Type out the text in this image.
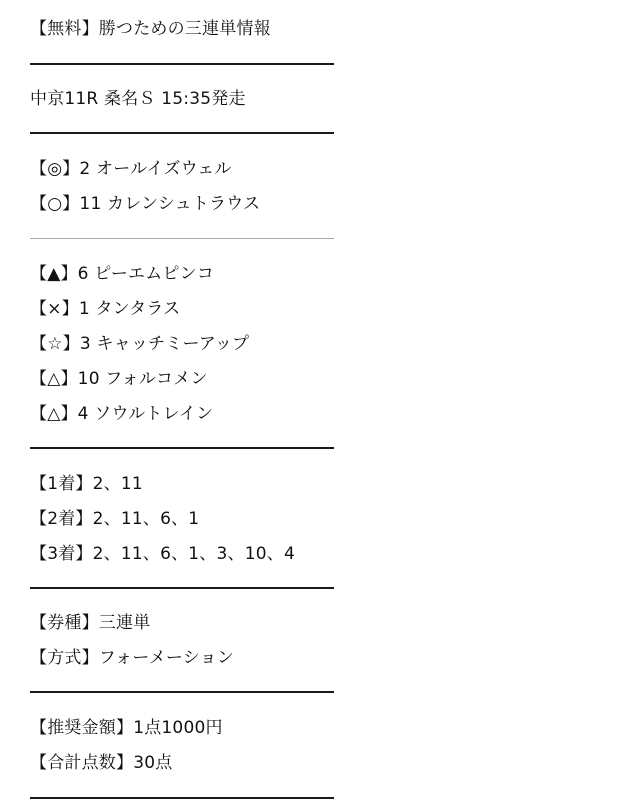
【無料】勝つための三連単情報
中京11R 桑名Ｓ 15:35発走
【◎】2 オールイズウェル
【○】11 カレンシュトラウス
【▲】6 ピーエムピンコ
【×】1 タンタラス
【☆】3 キャッチミーアップ
【△】10 フォルコメン
【△】4 ソウルトレイン
【1着】2、11
【2着】2、11、6、1
【3着】2、11、6、1、3、10、4
【券種】三連単
【方式】フォーメーション
【推奨金額】1点1000円
【合計点数】30点
